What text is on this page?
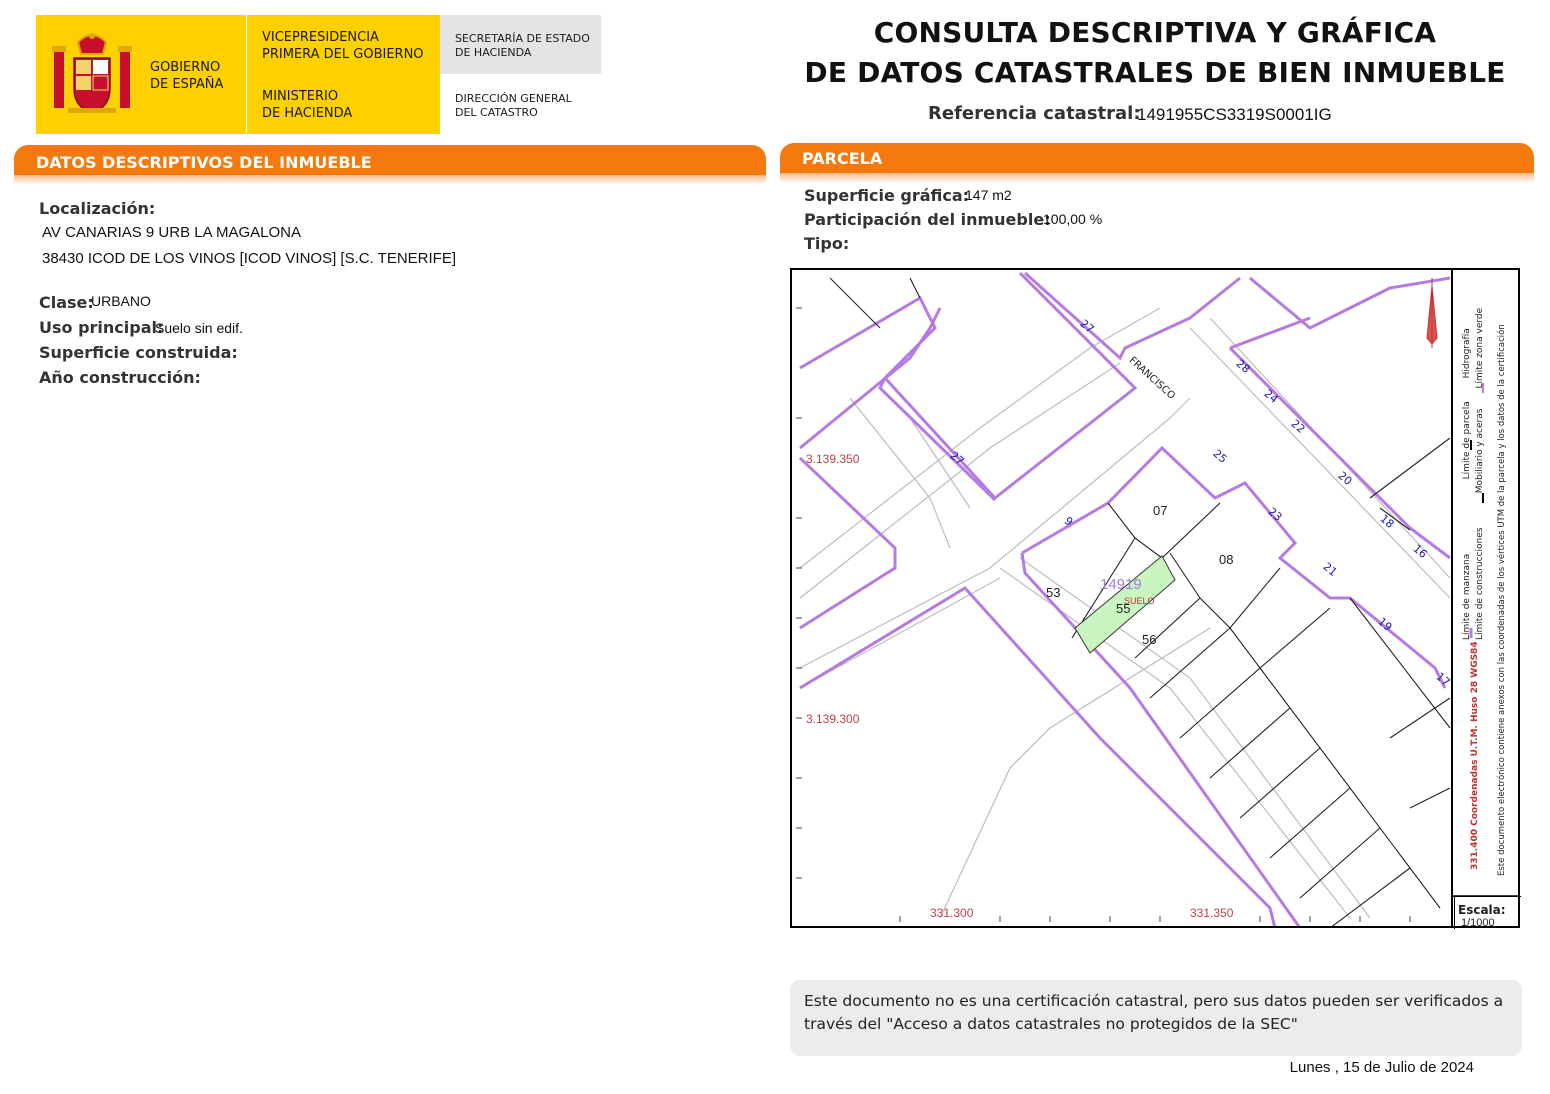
GOBIERNO
DE ESPAÑA
VICEPRESIDENCIA
PRIMERA DEL GOBIERNO
MINISTERIO
DE HACIENDA
SECRETARÍA DE ESTADO
DE HACIENDA
DIRECCIÓN GENERAL
DEL CATASTRO
CONSULTA DESCRIPTIVA Y GRÁFICA
DE DATOS CATASTRALES DE BIEN INMUEBLE
Referencia catastral:
1491955CS3319S0001IG
DATOS DESCRIPTIVOS DEL INMUEBLE
Localización:
AV CANARIAS 9 URB LA MAGALONA
38430 ICOD DE LOS VINOS [ICOD VINOS] [S.C. TENERIFE]
Clase:
URBANO
Uso principal:
Suelo sin edif.
Superficie construida:
Año construcción:
PARCELA
Superficie gráfica:
147 m2
Participación del inmueble:
100,00 %
Tipo:
3.139.350
3.139.300
331.300	331.350
FRANCISCO
14919
SUELO
07
08
53
55
56
27
27
9
25
23
21
19
17
28
24
22
20
18
16
Límite de manzana                          Límite de parcela        Hidrografía
Límite de construcciones            Mobiliario y aceras       Límite zona verde
331.400 Coordenadas U.T.M. Huso 28 WGS84 Este documento electrónico contiene anexos con las coordenadas de los vértices UTM de la parcela y los datos de la certificación
Escala:
1/1000
Este documento no es una certificación catastral, pero sus datos pueden ser verificados a través del "Acceso a datos catastrales no protegidos de la SEC"
Lunes , 15 de Julio de 2024
